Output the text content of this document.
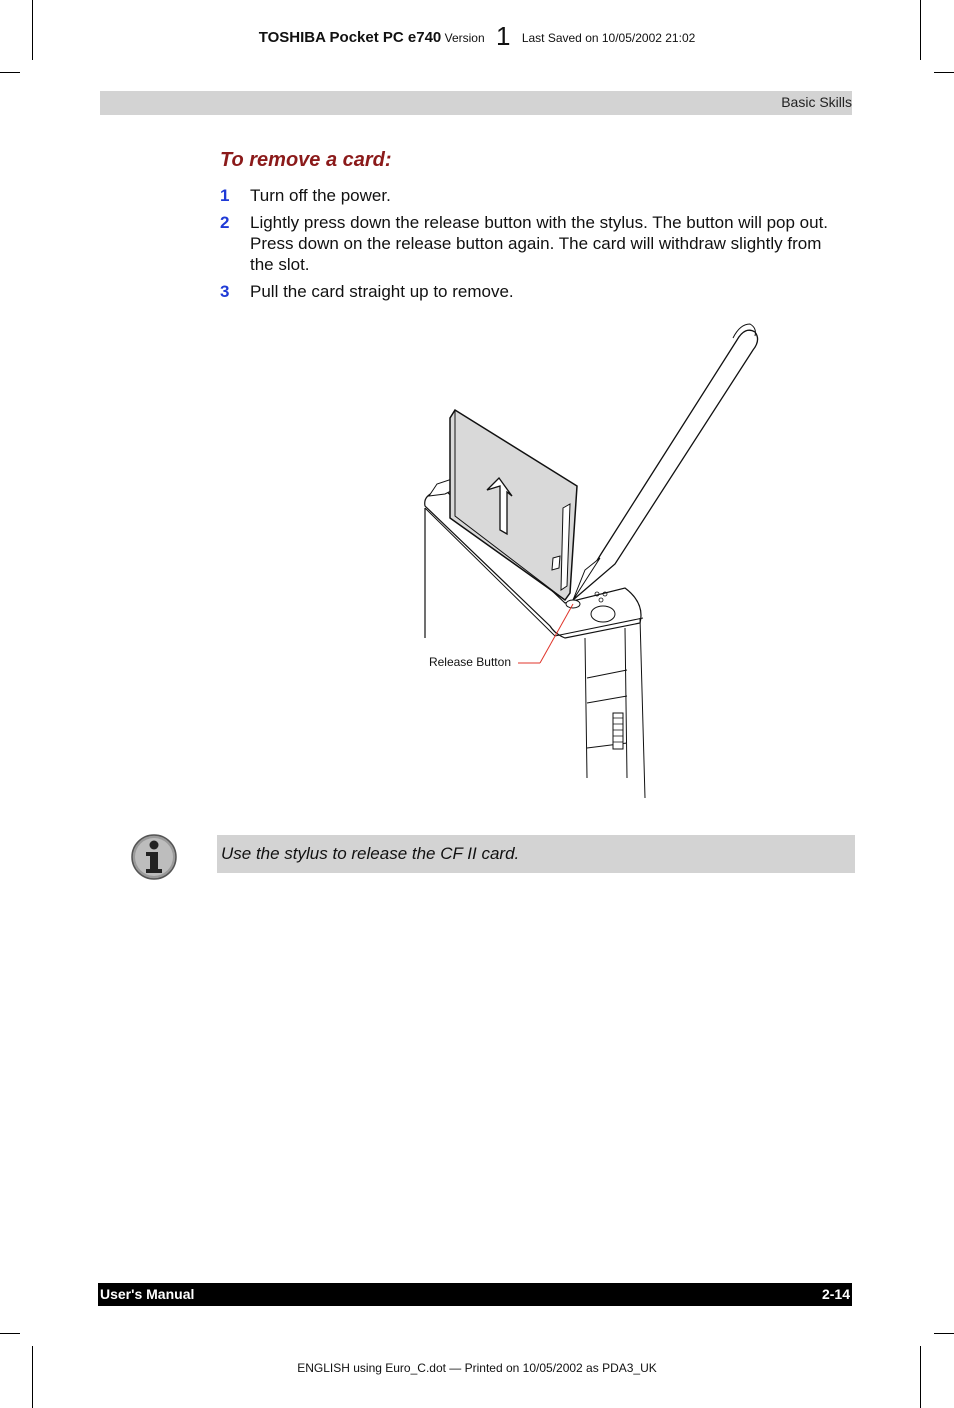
TOSHIBA Pocket PC e740 Version 1 Last Saved on 10/05/2002 21:02
Basic Skills
To remove a card:
1 Turn off the power.
2 Lightly press down the release button with the stylus. The button will pop out. Press down on the release button again. The card will withdraw slightly from the slot.
3 Pull the card straight up to remove.
Release Button
Use the stylus to release the CF II card.
User's Manual	2-14
ENGLISH using Euro_C.dot — Printed on 10/05/2002 as PDA3_UK
